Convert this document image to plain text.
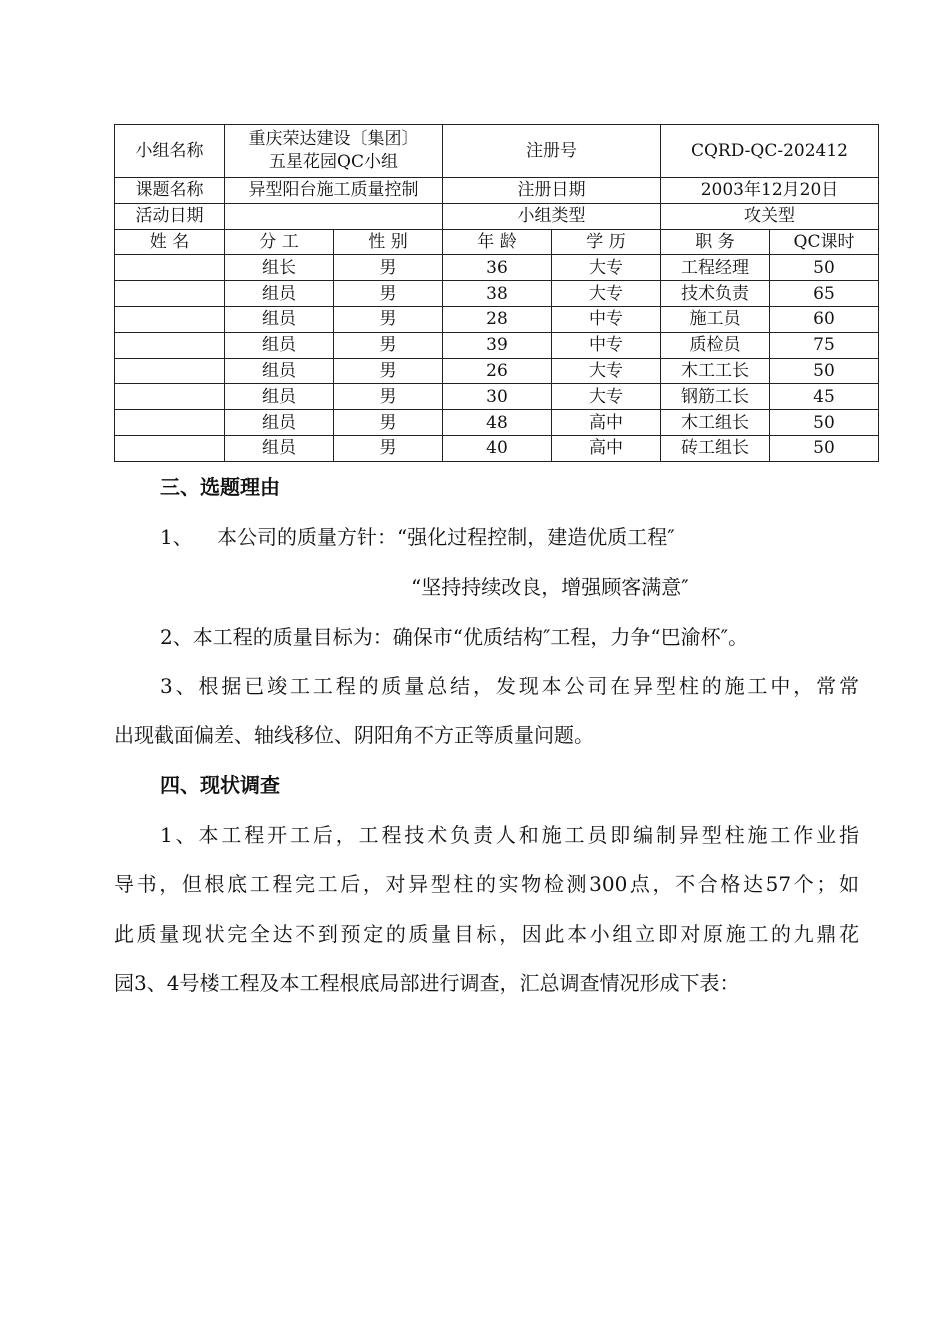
小组名称	重庆荣达建设〔集团〕
五星花园QC小组		注册号		CQRD-QC-202412	
课题名称	异型阳台施工质量控制		注册日期		2003年12月20日	
活动日期			小组类型		攻关型	
姓 名	分 工	性 别	年 龄	学 历	职 务	QC课时
	组长	男	36	大专	工程经理	50
	组员	男	38	大专	技术负责	65
	组员	男	28	中专	施工员	60
	组员	男	39	中专	质检员	75
	组员	男	26	大专	木工工长	50
	组员	男	30	大专	钢筋工长	45
	组员	男	48	高中	木工组长	50
	组员	男	40	高中	砖工组长	50
三、选题理由
1、 本公司的质量方针：“强化过程控制，建造优质工程″
“坚持持续改良，增强顾客满意″
2、本工程的质量目标为：确保市“优质结构″工程，力争“巴渝杯″。
3、根据已竣工工程的质量总结，发现本公司在异型柱的施工中，常常
出现截面偏差、轴线移位、阴阳角不方正等质量问题。
四、现状调查
1、本工程开工后，工程技术负责人和施工员即编制异型柱施工作业指
导书，但根底工程完工后，对异型柱的实物检测300点，不合格达57个；如
此质量现状完全达不到预定的质量目标，因此本小组立即对原施工的九鼎花
园3、4号楼工程及本工程根底局部进行调查，汇总调查情况形成下表：
